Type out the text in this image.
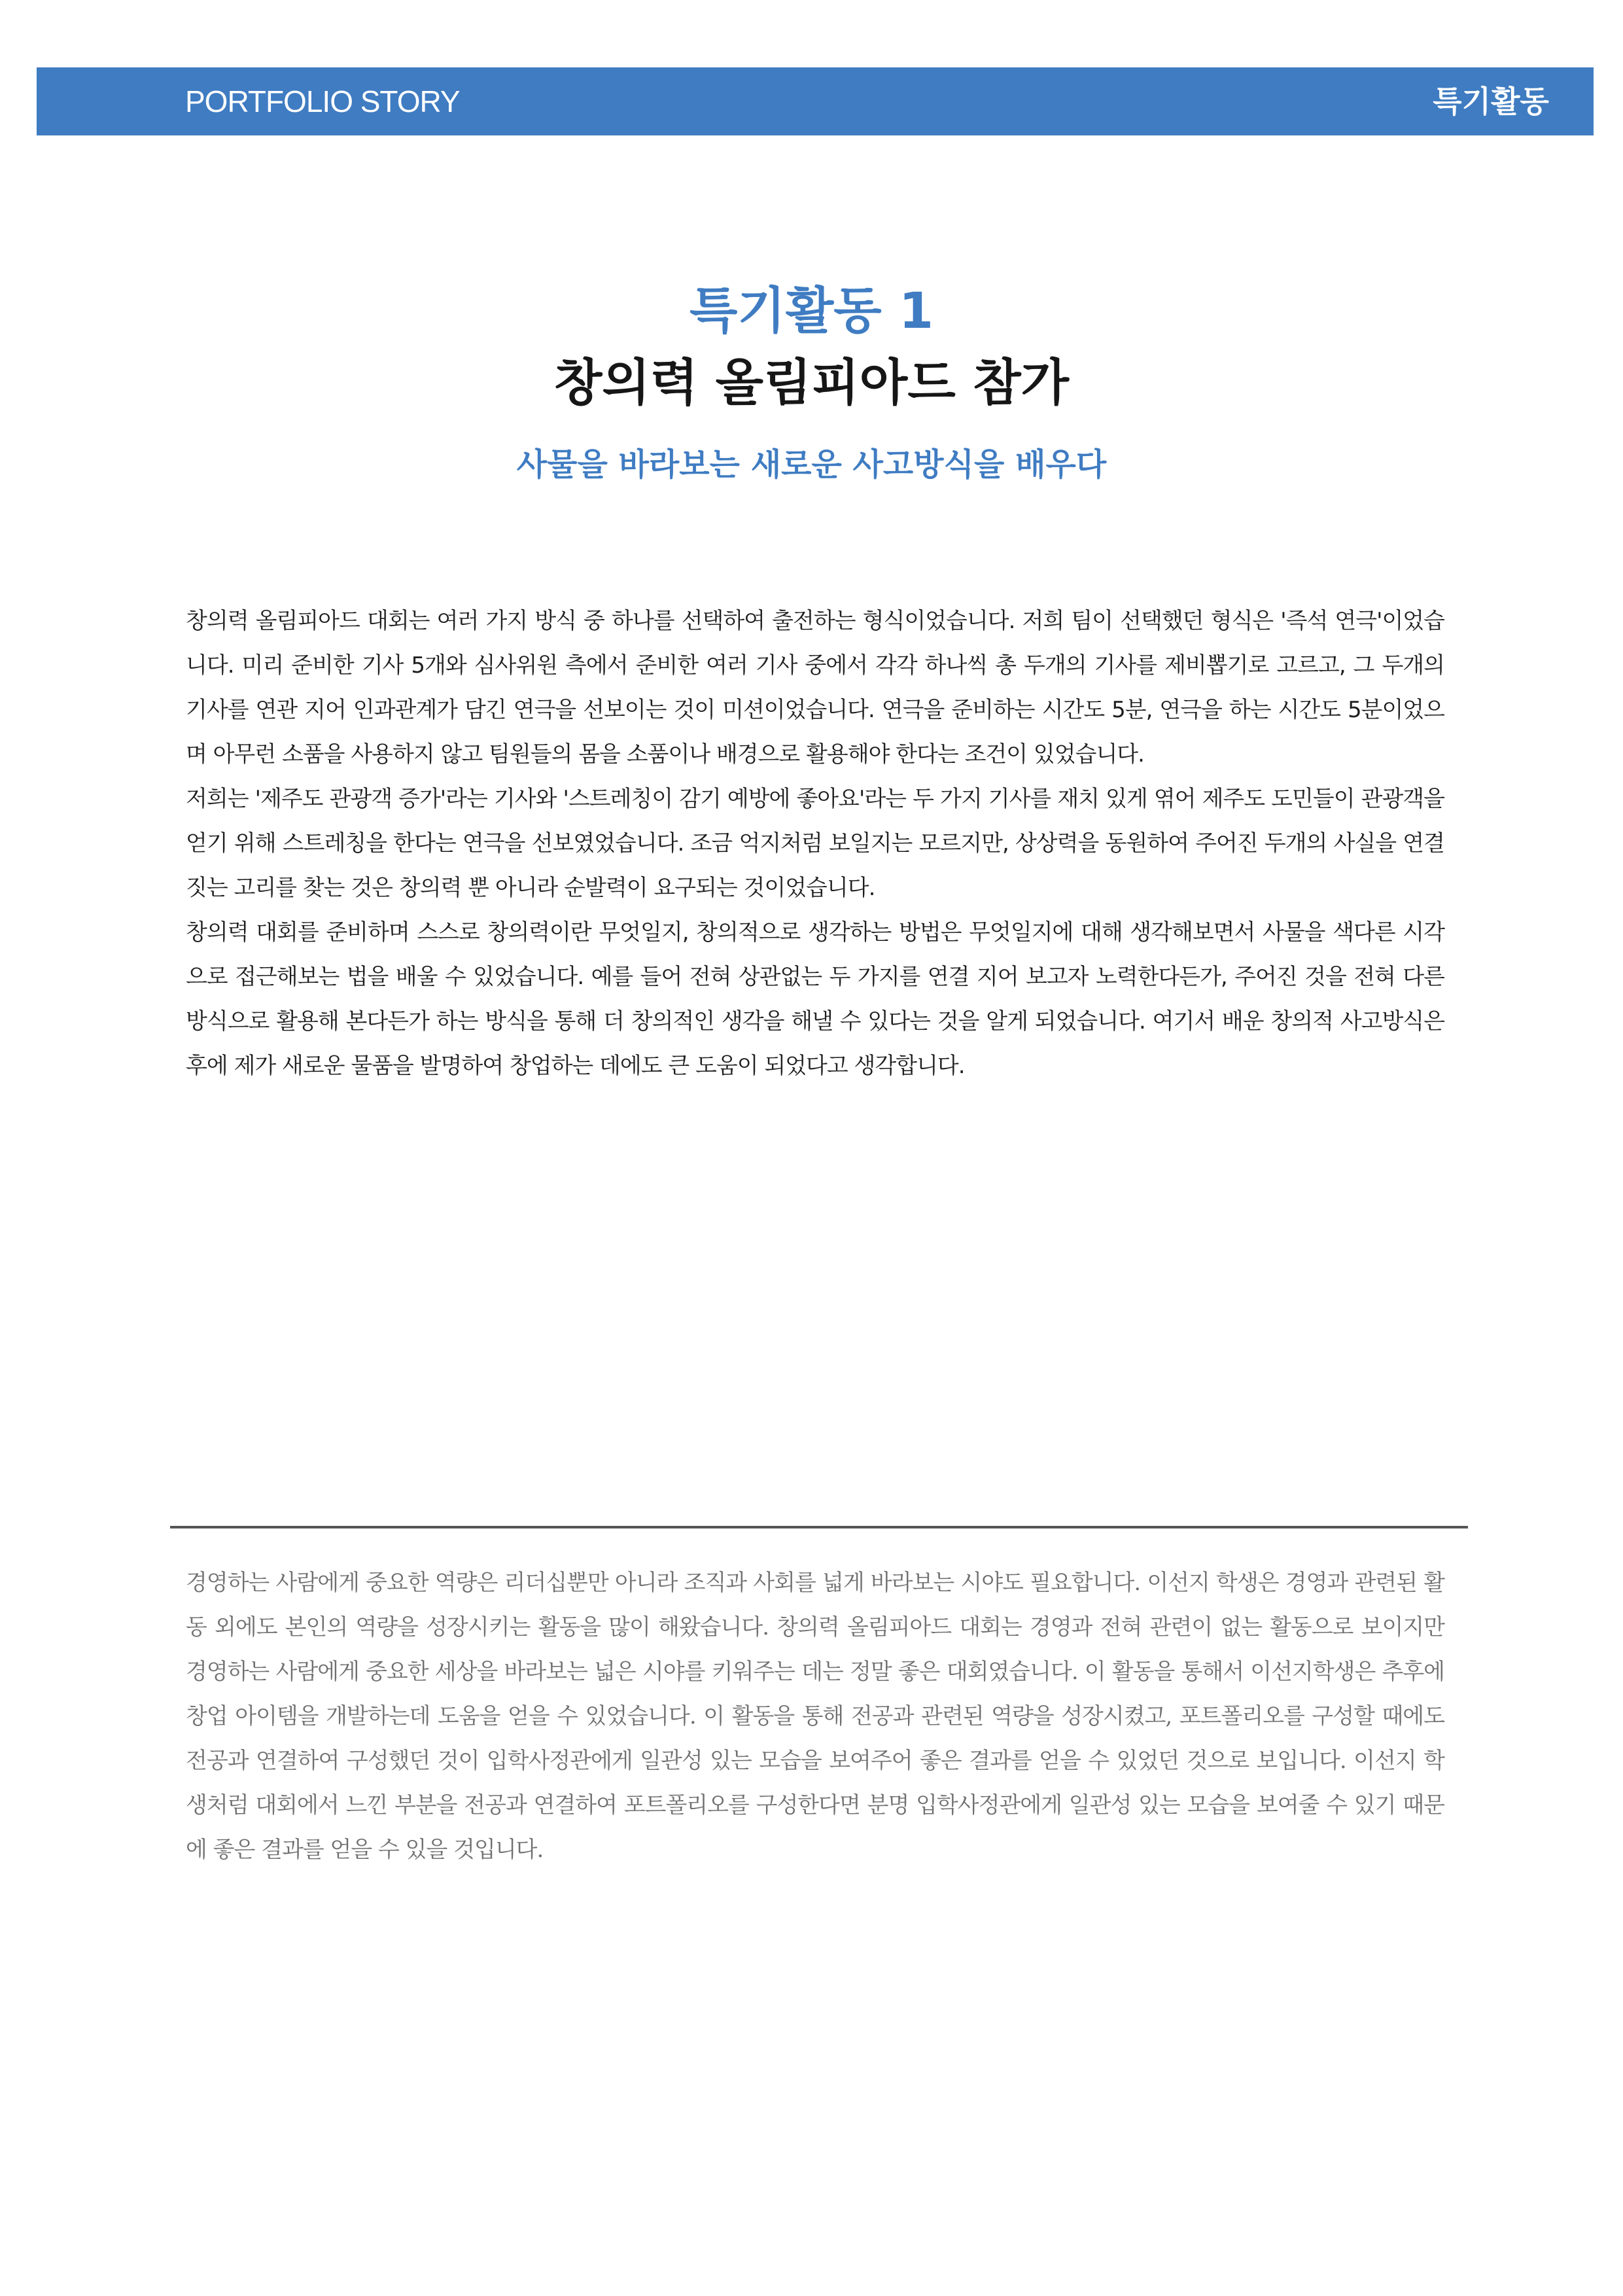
PORTFOLIO STORY	특기활동
특기활동 1
창의력 올림피아드 참가
사물을 바라보는 새로운 사고방식을 배우다

창의력 올림피아드 대회는 여러 가지 방식 중 하나를 선택하여 출전하는 형식이었습니다. 저희 팀이 선택했던 형식은 '즉석 연극'이었습니다. 미리 준비한 기사 5개와 심사위원 측에서 준비한 여러 기사 중에서 각각 하나씩 총 두개의 기사를 제비뽑기로 고르고, 그 두개의 기사를 연관 지어 인과관계가 담긴 연극을 선보이는 것이 미션이었습니다. 연극을 준비하는 시간도 5분, 연극을 하는 시간도 5분이었으며 아무런 소품을 사용하지 않고 팀원들의 몸을 소품이나 배경으로 활용해야 한다는 조건이 있었습니다.

저희는 '제주도 관광객 증가'라는 기사와 '스트레칭이 감기 예방에 좋아요'라는 두 가지 기사를 재치 있게 엮어 제주도 도민들이 관광객을 얻기 위해 스트레칭을 한다는 연극을 선보였었습니다. 조금 억지처럼 보일지는 모르지만, 상상력을 동원하여 주어진 두개의 사실을 연결 짓는 고리를 찾는 것은 창의력 뿐 아니라 순발력이 요구되는 것이었습니다.

창의력 대회를 준비하며 스스로 창의력이란 무엇일지, 창의적으로 생각하는 방법은 무엇일지에 대해 생각해보면서 사물을 색다른 시각으로 접근해보는 법을 배울 수 있었습니다. 예를 들어 전혀 상관없는 두 가지를 연결 지어 보고자 노력한다든가, 주어진 것을 전혀 다른 방식으로 활용해 본다든가 하는 방식을 통해 더 창의적인 생각을 해낼 수 있다는 것을 알게 되었습니다. 여기서 배운 창의적 사고방식은 후에 제가 새로운 물품을 발명하여 창업하는 데에도 큰 도움이 되었다고 생각합니다.

경영하는 사람에게 중요한 역량은 리더십뿐만 아니라 조직과 사회를 넓게 바라보는 시야도 필요합니다. 이선지 학생은 경영과 관련된 활동 외에도 본인의 역량을 성장시키는 활동을 많이 해왔습니다. 창의력 올림피아드 대회는 경영과 전혀 관련이 없는 활동으로 보이지만 경영하는 사람에게 중요한 세상을 바라보는 넓은 시야를 키워주는 데는 정말 좋은 대회였습니다. 이 활동을 통해서 이선지학생은 추후에 창업 아이템을 개발하는데 도움을 얻을 수 있었습니다. 이 활동을 통해 전공과 관련된 역량을 성장시켰고, 포트폴리오를 구성할 때에도 전공과 연결하여 구성했던 것이 입학사정관에게 일관성 있는 모습을 보여주어 좋은 결과를 얻을 수 있었던 것으로 보입니다. 이선지 학생처럼 대회에서 느낀 부분을 전공과 연결하여 포트폴리오를 구성한다면 분명 입학사정관에게 일관성 있는 모습을 보여줄 수 있기 때문에 좋은 결과를 얻을 수 있을 것입니다.
